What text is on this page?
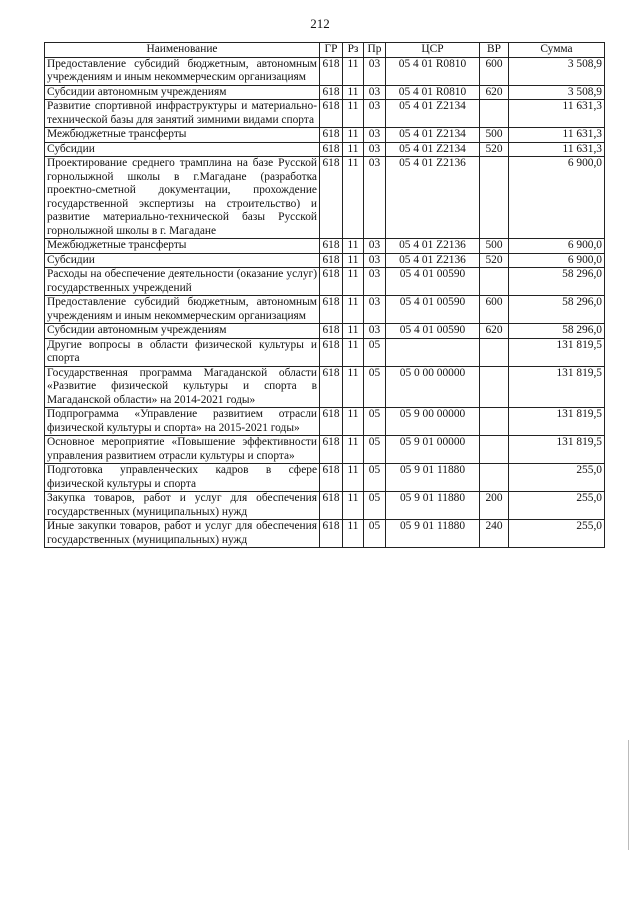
212
Наименование	ГР	Рз	Пр	ЦСР	ВР	Сумма
Предоставление субсидий бюджетным, автономным учреждениям и иным некоммерческим организациям	618	11	03	05 4 01 R0810	600	3 508,9
Субсидии автономным учреждениям	618	11	03	05 4 01 R0810	620	3 508,9
Развитие спортивной инфраструктуры и материально-технической базы для занятий зимними видами спорта	618	11	03	05 4 01 Z2134		11 631,3
Межбюджетные трансферты	618	11	03	05 4 01 Z2134	500	11 631,3
Субсидии	618	11	03	05 4 01 Z2134	520	11 631,3
Проектирование среднего трамплина на базе Русской горнолыжной школы в г.Магадане (разработка проектно-сметной документации, прохождение государственной экспертизы на строительство) и развитие материально-технической базы Русской горнолыжной школы в г. Магадане	618	11	03	05 4 01 Z2136		6 900,0
Межбюджетные трансферты	618	11	03	05 4 01 Z2136	500	6 900,0
Субсидии	618	11	03	05 4 01 Z2136	520	6 900,0
Расходы на обеспечение деятельности (оказание услуг) государственных учреждений	618	11	03	05 4 01 00590		58 296,0
Предоставление субсидий бюджетным, автономным учреждениям и иным некоммерческим организациям	618	11	03	05 4 01 00590	600	58 296,0
Субсидии автономным учреждениям	618	11	03	05 4 01 00590	620	58 296,0
Другие вопросы в области физической культуры и спорта	618	11	05			131 819,5
Государственная программа Магаданской области «Развитие физической культуры и спорта в Магаданской области» на 2014-2021 годы»	618	11	05	05 0 00 00000		131 819,5
Подпрограмма «Управление развитием отрасли физической культуры и спорта» на 2015-2021 годы»	618	11	05	05 9 00 00000		131 819,5
Основное мероприятие «Повышение эффективности управления развитием отрасли культуры и спорта»	618	11	05	05 9 01 00000		131 819,5
Подготовка управленческих кадров в сфере физической культуры и спорта	618	11	05	05 9 01 11880		255,0
Закупка товаров, работ и услуг для обеспечения государственных (муниципальных) нужд	618	11	05	05 9 01 11880	200	255,0
Иные закупки товаров, работ и услуг для обеспечения государственных (муниципальных) нужд	618	11	05	05 9 01 11880	240	255,0
